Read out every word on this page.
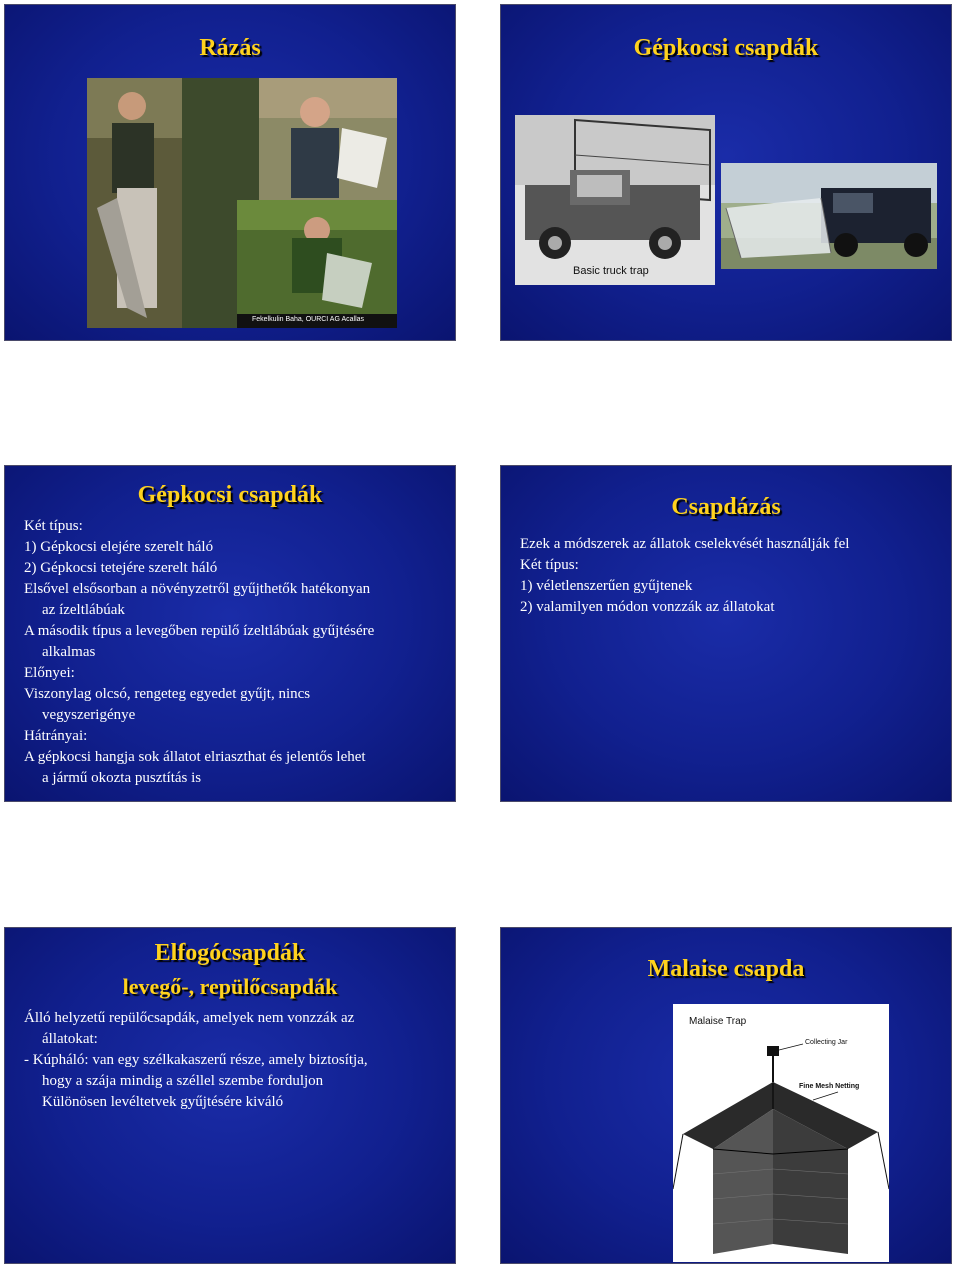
Rázás
Fekelkulin Baha, OURCI AG Acallas
Gépkocsi csapdák
Basic truck trap
Gépkocsi csapdák
Két típus:
1) Gépkocsi elejére szerelt háló
2) Gépkocsi tetejére szerelt háló
Elsővel elsősorban a növényzetről gyűjthetők hatékonyan
az ízeltlábúak
A második típus a levegőben repülő ízeltlábúak gyűjtésére
alkalmas
Előnyei:
Viszonylag olcsó, rengeteg egyedet gyűjt, nincs
vegyszerigénye
Hátrányai:
A gépkocsi hangja sok állatot elriaszthat és jelentős lehet
a jármű okozta pusztítás is
Csapdázás
Ezek a módszerek az állatok cselekvését használják fel
Két típus:
1) véletlenszerűen gyűjtenek
2) valamilyen módon vonzzák az állatokat
Elfogócsapdák
levegő-, repülőcsapdák
Álló helyzetű repülőcsapdák, amelyek nem vonzzák az
állatokat:
- Kúpháló: van egy szélkakaszerű része, amely biztosítja,
hogy a szája mindig a széllel szembe forduljon
Különösen levéltetvek gyűjtésére kiváló
Malaise csapda
Malaise Trap
Collecting Jar
Fine Mesh Netting
